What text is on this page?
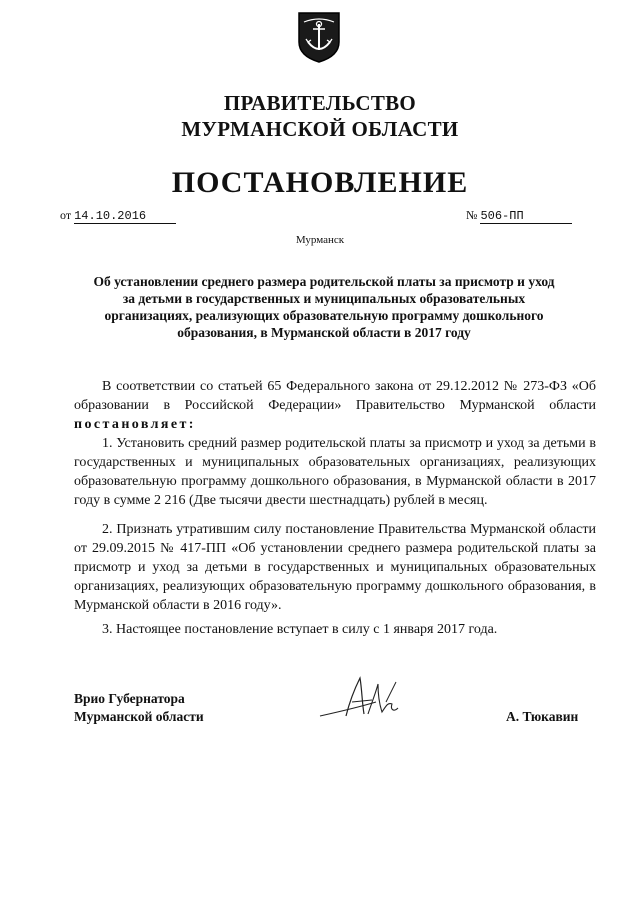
ПРАВИТЕЛЬСТВО
МУРМАНСКОЙ ОБЛАСТИ
ПОСТАНОВЛЕНИЕ
от 14.10.2016	№ 506-ПП
Мурманск
Об установлении среднего размера родительской платы за присмотр и уход
за детьми в государственных и муниципальных образовательных
организациях, реализующих образовательную программу дошкольного
образования, в Мурманской области в 2017 году
В соответствии со статьей 65 Федерального закона от 29.12.2012 № 273-ФЗ «Об образовании в Российской Федерации» Правительство Мурманской области постановляет:
1. Установить средний размер родительской платы за присмотр и уход за детьми в государственных и муниципальных образовательных организациях, реализующих образовательную программу дошкольного образования, в Мурманской области в 2017 году в сумме 2 216 (Две тысячи двести шестнадцать) рублей в месяц.
2. Признать утратившим силу постановление Правительства Мурманской области от 29.09.2015 № 417-ПП «Об установлении среднего размера родительской платы за присмотр и уход за детьми в государственных и муниципальных образовательных организациях, реализующих образовательную программу дошкольного образования, в Мурманской области в 2016 году».
3. Настоящее постановление вступает в силу с 1 января 2017 года.
Врио Губернатора
Мурманской области	А. Тюкавин
